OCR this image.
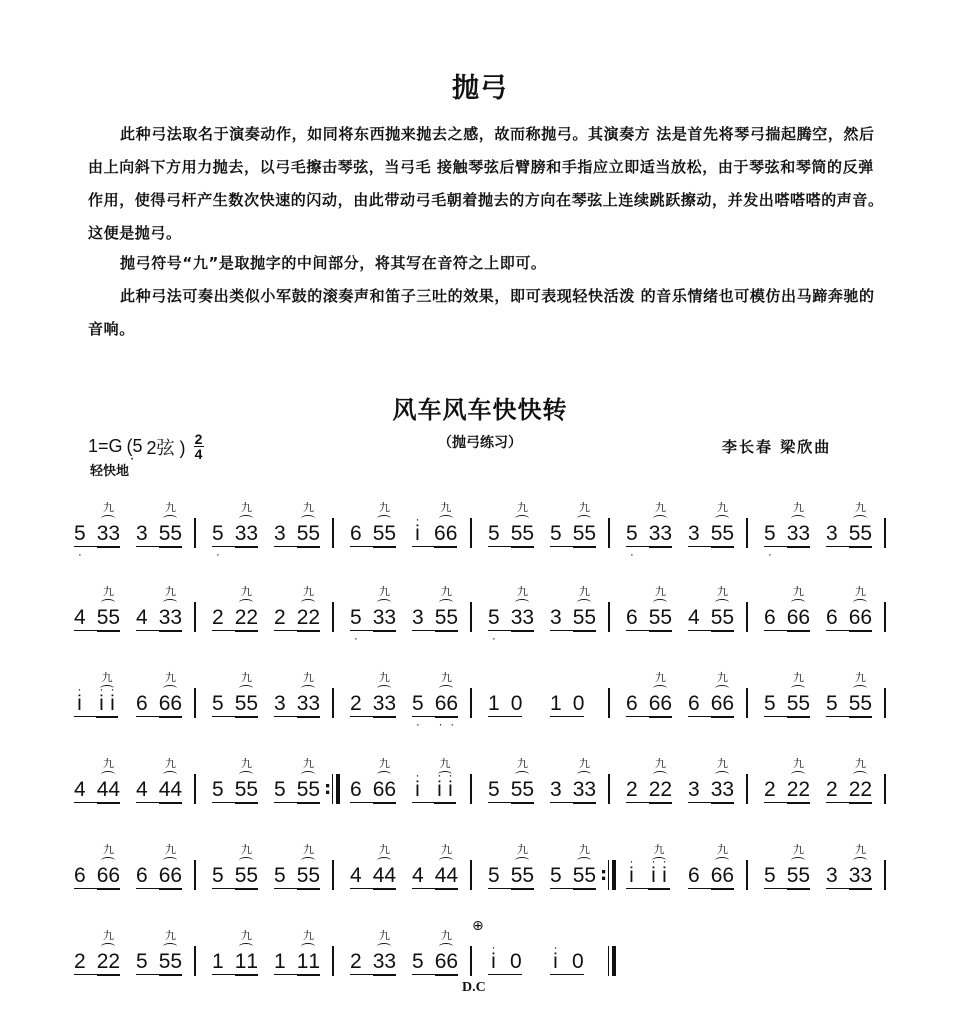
抛弓

此种弓法取名于演奏动作，如同将东西抛来抛去之感，故而称抛弓。其演奏方 法是首先将琴弓揣起腾空，然后由上向斜下方用力抛去，以弓毛擦击琴弦，当弓毛 接触琴弦后臂膀和手指应立即适当放松，由于琴弦和琴筒的反弹作用，使得弓杆产生数次快速的闪动，由此带动弓毛朝着抛去的方向在琴弦上连续跳跃擦动，并发出嗒嗒嗒的声音。这便是抛弓。

抛弓符号“九”是取抛字的中间部分，将其写在音符之上即可。

此种弓法可奏出类似小军鼓的滚奏声和笛子三吐的效果，即可表现轻快活泼 的音乐情绪也可模仿出马蹄奔驰的音响。

风车风车快快转
（抛弓练习）	李长春 梁欣曲
1=G (5 · 2弦 ) 2
4
轻快地
5
·
3 3
九
3 5 5
九
5
·
3 3
九
3 5 5
九
6 5 5
九
i
·
6 6
九
5 5 5
九
5 5 5
九
5
·
3 3
九
3 5 5
九
5
·
3 3
九
3 5 5
九
4 5 5
九
4 3 3
九
2 2 2
九
2 2 2
九
5
·
3 3
九
3 5 5
九
5
·
3 3
九
3 5 5
九
6 5 5
九
4 5 5
九
6 6 6
九
6 6 6
九
i
·
i
·
i
·
九
6 6 6
九
5 5 5
九
3 3 3
九
2 3 3
九
5
·
6
·
6
·
九
1 0 1 0 6 6 6
九
6 6 6
九
5 5 5
九
5 5 5
九
4 4 4
九
4 4 4
九
5 5 5
九
5 5 5
九
:
6 6 6
九
i
·
i
·
i
·
九
5 5 5
九
3 3 3
九
2 2 2
九
3 3 3
九
2 2 2
九
2 2 2
九
6 6 6
九
6 6 6
九
5 5 5
九
5 5 5
九
4 4 4
九
4 4 4
九
5 5 5
九
5 5 5
九
:
i
·
i
·
i
·
九
6 6 6
九
5 5 5
九
3 3 3
九
2 2 2
九
5 5 5
九
1 1 1
九
1 1 1
九
2 3 3
九
5 6 6
九
i
·
0 i
·
0
⊕
D.C
